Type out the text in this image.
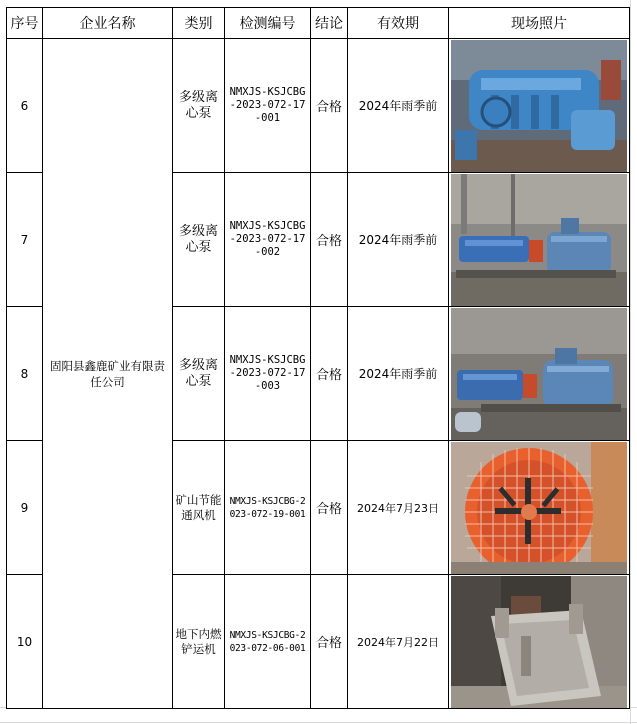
序号	企业名称	类别	检测编号	结论	有效期	现场照片
6	固阳县鑫鹿矿业有限责任公司	多级离心泵	NMXJS-KSJCBG-2023-072-17-001	合格	2024年雨季前	

7		多级离心泵	NMXJS-KSJCBG-2023-072-17-002	合格	2024年雨季前	

8		多级离心泵	NMXJS-KSJCBG-2023-072-17-003	合格	2024年雨季前	

9		矿山节能通风机	NMXJS-KSJCBG-2023-072-19-001	合格	2024年7月23日	

10		地下内燃铲运机	NMXJS-KSJCBG-2023-072-06-001	合格	2024年7月22日	
